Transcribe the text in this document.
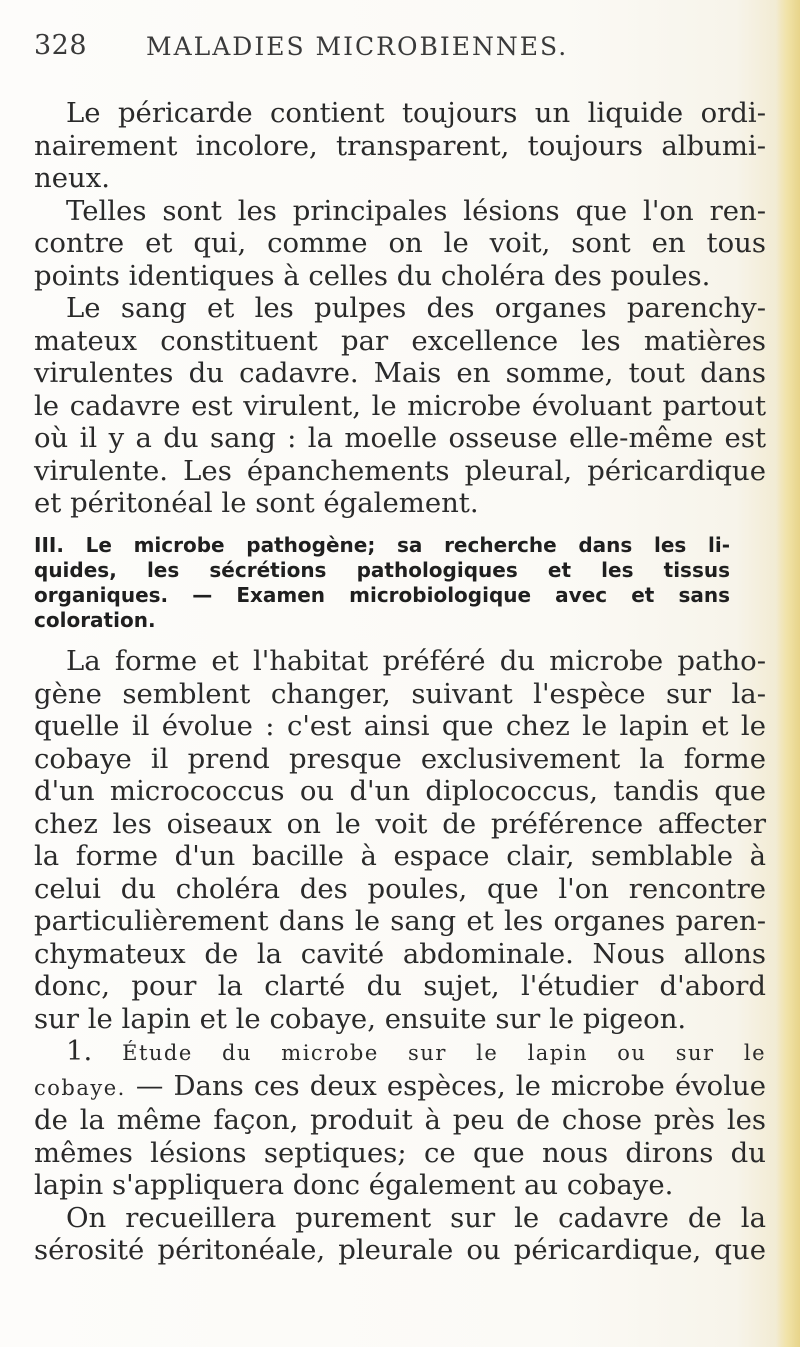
328 MALADIES MICROBIENNES.
Le péricarde contient toujours un liquide ordi-
nairement incolore, transparent, toujours albumi-
neux.
Telles sont les principales lésions que l'on ren-
contre et qui, comme on le voit, sont en tous
points identiques à celles du choléra des poules.
Le sang et les pulpes des organes parenchy-
mateux constituent par excellence les matières
virulentes du cadavre. Mais en somme, tout dans
le cadavre est virulent, le microbe évoluant partout
où il y a du sang : la moelle osseuse elle-même est
virulente. Les épanchements pleural, péricardique
et péritonéal le sont également.
III. Le microbe pathogène; sa recherche dans les li-
quides, les sécrétions pathologiques et les tissus
organiques. — Examen microbiologique avec et sans
coloration.
La forme et l'habitat préféré du microbe patho-
gène semblent changer, suivant l'espèce sur la-
quelle il évolue : c'est ainsi que chez le lapin et le
cobaye il prend presque exclusivement la forme
d'un micrococcus ou d'un diplococcus, tandis que
chez les oiseaux on le voit de préférence affecter
la forme d'un bacille à espace clair, semblable à
celui du choléra des poules, que l'on rencontre
particulièrement dans le sang et les organes paren-
chymateux de la cavité abdominale. Nous allons
donc, pour la clarté du sujet, l'étudier d'abord
sur le lapin et le cobaye, ensuite sur le pigeon.
1. Étude du microbe sur le lapin ou sur le
cobaye. — Dans ces deux espèces, le microbe évolue
de la même façon, produit à peu de chose près les
mêmes lésions septiques; ce que nous dirons du
lapin s'appliquera donc également au cobaye.
On recueillera purement sur le cadavre de la
sérosité péritonéale, pleurale ou péricardique, que
